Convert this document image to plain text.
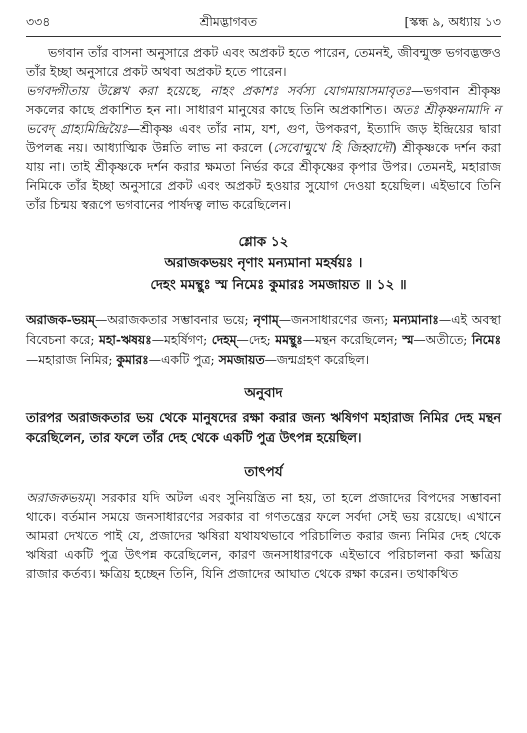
৩৩৪	শ্রীমদ্ভাগবত	[স্কন্ধ ৯, অধ্যায় ১৩

ভগবান তাঁর বাসনা অনুসারে প্রকট এবং অপ্রকট হতে পারেন, তেমনই, জীবন্মুক্ত ভগবদ্ভক্তও তাঁর ইচ্ছা অনুসারে প্রকট অথবা অপ্রকট হতে পারেন।

ভগবদ্গীতায় উল্লেখ করা হয়েছে, নাহং প্রকাশঃ সর্বস্য যোগমায়াসমাবৃতঃ—ভগবান শ্রীকৃষ্ণ সকলের কাছে প্রকাশিত হন না। সাধারণ মানুষের কাছে তিনি অপ্রকাশিত। অতঃ শ্রীকৃষ্ণনামাদি ন ভবেদ্ গ্রাহ্যমিন্দ্রিয়ৈঃ—শ্রীকৃষ্ণ এবং তাঁর নাম, যশ, গুণ, উপকরণ, ইত্যাদি জড় ইন্দ্রিয়ের দ্বারা উপলব্ধ নয়। আধ্যাত্মিক উন্নতি লাভ না করলে (সেবোন্মুখে হি জিহ্বাদৌ) শ্রীকৃষ্ণকে দর্শন করা যায় না। তাই শ্রীকৃষ্ণকে দর্শন করার ক্ষমতা নির্ভর করে শ্রীকৃষ্ণের কৃপার উপর। তেমনই, মহারাজ নিমিকে তাঁর ইচ্ছা অনুসারে প্রকট এবং অপ্রকট হওয়ার সুযোগ দেওয়া হয়েছিল। এইভাবে তিনি তাঁর চিন্ময় স্বরূপে ভগবানের পার্ষদত্ব লাভ করেছিলেন।

শ্লোক ১২
অরাজকভয়ং নৃণাং মন্যমানা মহর্ষয়ঃ ।
দেহং মমন্থুঃ স্ম নিমেঃ কুমারঃ সমজায়ত ॥ ১২ ॥
অরাজক-ভয়ম্—অরাজকতার সম্ভাবনার ভয়ে; নৃণাম্—জনসাধারণের জন্য; মন্যমানাঃ—এই অবস্থা বিবেচনা করে; মহা-ঋষয়ঃ—মহর্ষিগণ; দেহম্—দেহ; মমন্থুঃ—মন্থন করেছিলেন; স্ম—অতীতে; নিমেঃ—মহারাজ নিমির; কুমারঃ—একটি পুত্র; সমজায়ত—জন্মগ্রহণ করেছিল।
অনুবাদ
তারপর অরাজকতার ভয় থেকে মানুষদের রক্ষা করার জন্য ঋষিগণ মহারাজ নিমির দেহ মন্থন করেছিলেন, তার ফলে তাঁর দেহ থেকে একটি পুত্র উৎপন্ন হয়েছিল।
তাৎপর্য
অরাজকভয়ম্। সরকার যদি অটল এবং সুনিয়ন্ত্রিত না হয়, তা হলে প্রজাদের বিপদের সম্ভাবনা থাকে। বর্তমান সময়ে জনসাধারণের সরকার বা গণতন্ত্রের ফলে সর্বদা সেই ভয় রয়েছে। এখানে আমরা দেখতে পাই যে, প্রজাদের ঋষিরা যথাযথভাবে পরিচালিত করার জন্য নিমির দেহ থেকে ঋষিরা একটি পুত্র উৎপন্ন করেছিলেন, কারণ জনসাধারণকে এইভাবে পরিচালনা করা ক্ষত্রিয় রাজার কর্তব্য। ক্ষত্রিয় হচ্ছেন তিনি, যিনি প্রজাদের আঘাত থেকে রক্ষা করেন। তথাকথিত
